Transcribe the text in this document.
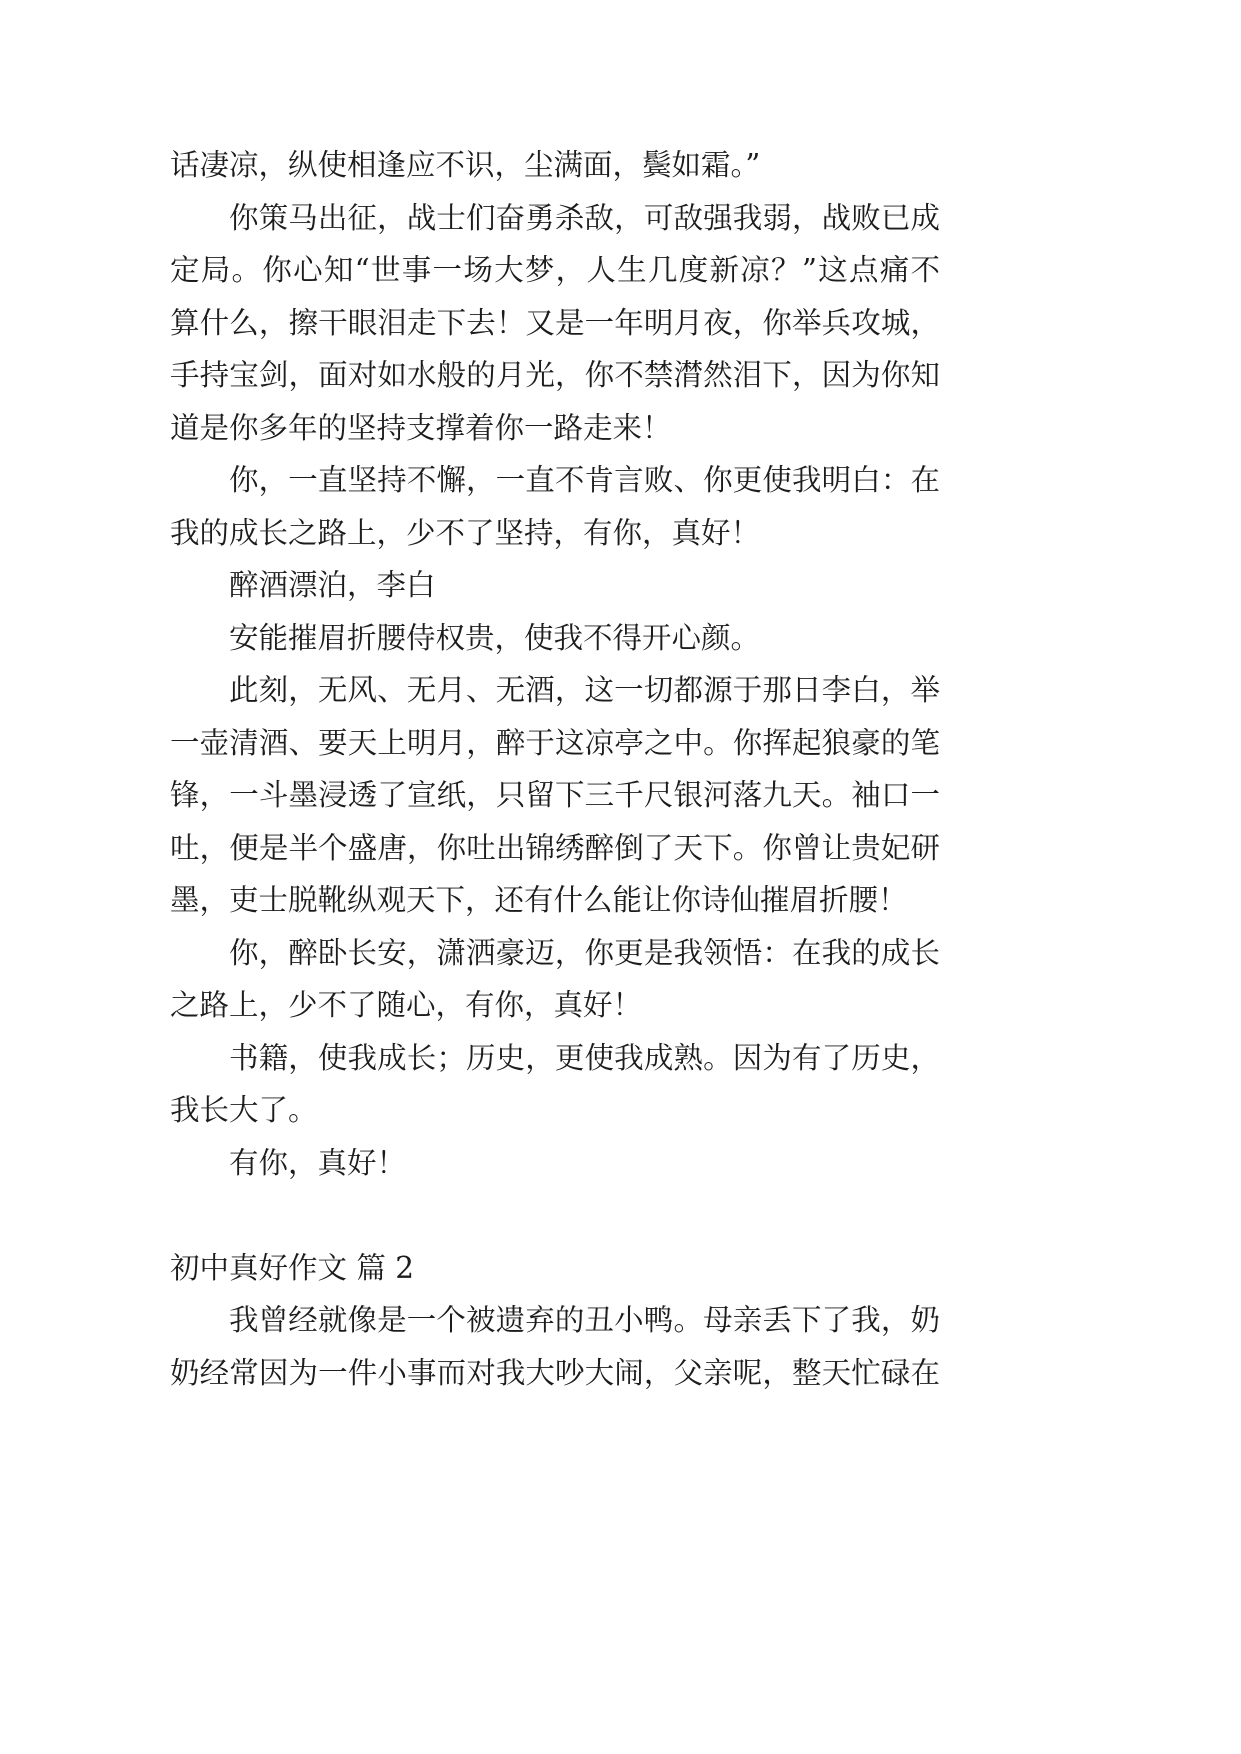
话凄凉，纵使相逢应不识，尘满面，鬓如霜。”
你策马出征，战士们奋勇杀敌，可敌强我弱，战败已成
定局。你心知“世事一场大梦，人生几度新凉？”这点痛不
算什么，擦干眼泪走下去！又是一年明月夜，你举兵攻城，
手持宝剑，面对如水般的月光，你不禁潸然泪下，因为你知
道是你多年的坚持支撑着你一路走来！
你，一直坚持不懈，一直不肯言败、你更使我明白：在
我的成长之路上，少不了坚持，有你，真好！
醉酒漂泊，李白
安能摧眉折腰侍权贵，使我不得开心颜。
此刻，无风、无月、无酒，这一切都源于那日李白，举
一壶清酒、要天上明月，醉于这凉亭之中。你挥起狼豪的笔
锋，一斗墨浸透了宣纸，只留下三千尺银河落九天。袖口一
吐，便是半个盛唐，你吐出锦绣醉倒了天下。你曾让贵妃研
墨，吏士脱靴纵观天下，还有什么能让你诗仙摧眉折腰！
你，醉卧长安，潇洒豪迈，你更是我领悟：在我的成长
之路上，少不了随心，有你，真好！
书籍，使我成长；历史，更使我成熟。因为有了历史，
我长大了。
有你，真好！
初中真好作文 篇 2
我曾经就像是一个被遗弃的丑小鸭。母亲丢下了我，奶
奶经常因为一件小事而对我大吵大闹，父亲呢，整天忙碌在
